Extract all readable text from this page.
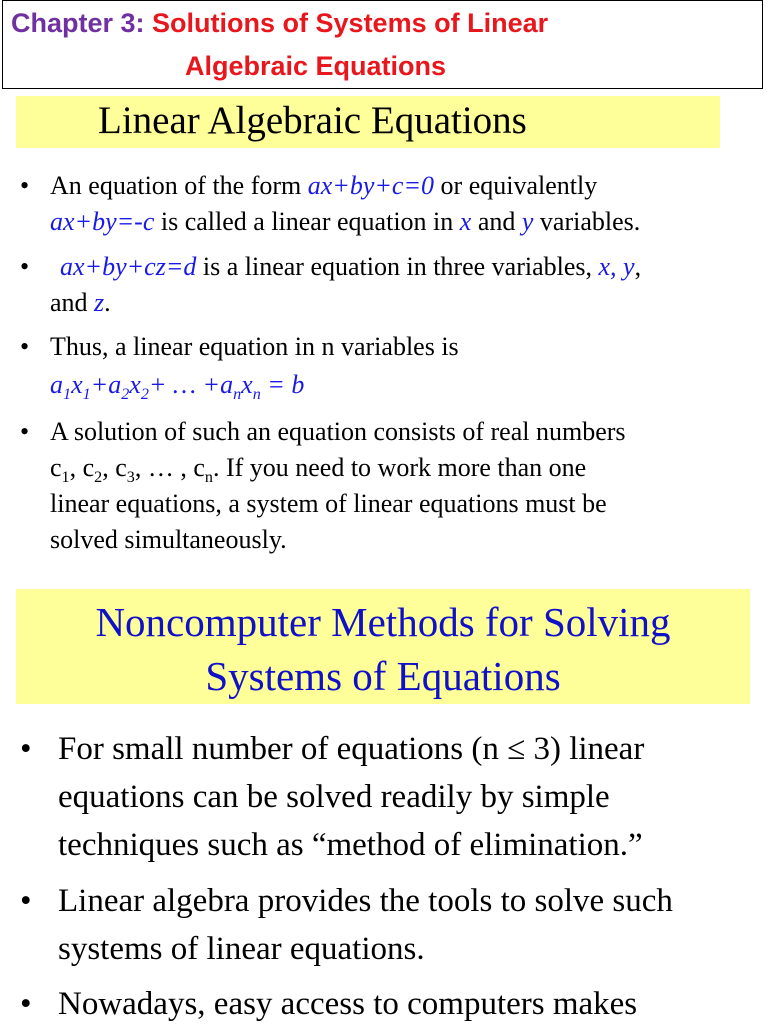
Chapter 3: Solutions of Systems of Linear
Algebraic Equations
Linear Algebraic Equations
• An equation of the form ax+by+c=0 or equivalently
ax+by=-c is called a linear equation in x and y variables.
• ax+by+cz=d is a linear equation in three variables, x, y,
and z.
• Thus, a linear equation in n variables is
$a_1x_1+a_2x_2+$ … $+a_nx_n = b$
• A solution of such an equation consists of real numbers
$c_1$, $c_2$, $c_3$, … , $c_n$. If you need to work more than one
linear equations, a system of linear equations must be
solved simultaneously.
Noncomputer Methods for Solving
Systems of Equations
• For small number of equations (n ≤ 3) linear
equations can be solved readily by simple
techniques such as “method of elimination.”
• Linear algebra provides the tools to solve such
systems of linear equations.
• Nowadays, easy access to computers makes
